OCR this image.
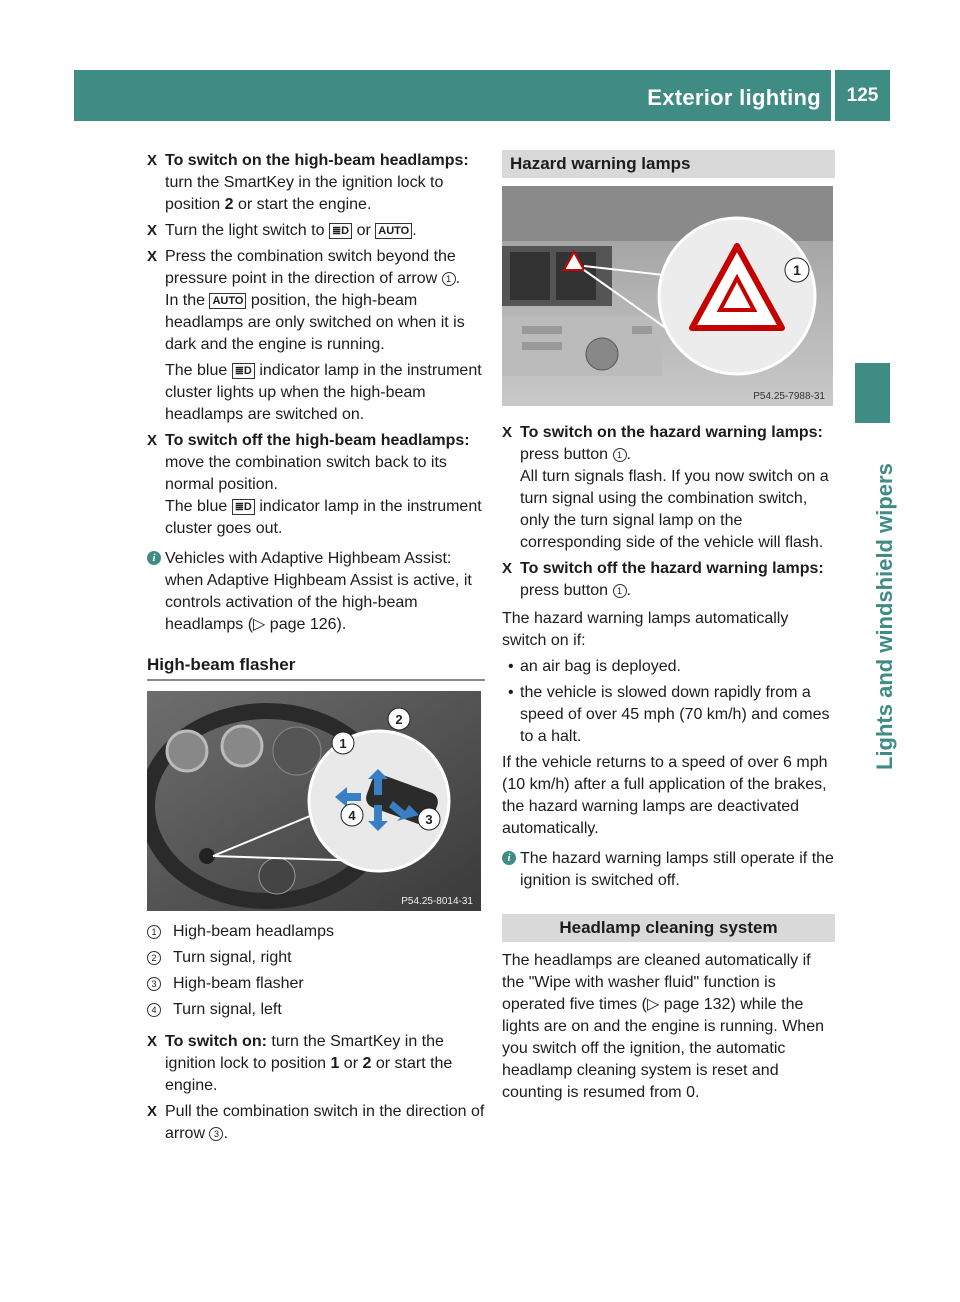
Exterior lighting	125
Lights and windshield wipers
X To switch on the high-beam headlamps: turn the SmartKey in the ignition lock to position 2 or start the engine.
X Turn the light switch to ≣D or AUTO .
X Press the combination switch beyond the pressure point in the direction of arrow 1 .
In the AUTO position, the high-beam headlamps are only switched on when it is dark and the engine is running.
The blue ≣D indicator lamp in the instrument cluster lights up when the high-beam headlamps are switched on.
X To switch off the high-beam headlamps: move the combination switch back to its normal position.
The blue ≣D indicator lamp in the instrument cluster goes out.
i Vehicles with Adaptive Highbeam Assist: when Adaptive Highbeam Assist is active, it controls activation of the high-beam headlamps (▷ page 126).
High-beam flasher
1
2
3
4
P54.25-8014-31
1 High-beam headlamps
2 Turn signal, right
3 High-beam flasher
4 Turn signal, left
X To switch on: turn the SmartKey in the ignition lock to position 1 or 2 or start the engine.
X Pull the combination switch in the direction of arrow 3 .
Hazard warning lamps
1
P54.25-7988-31
X To switch on the hazard warning lamps: press button 1 .
All turn signals flash. If you now switch on a turn signal using the combination switch, only the turn signal lamp on the corresponding side of the vehicle will flash.
X To switch off the hazard warning lamps: press button 1 .

The hazard warning lamps automatically switch on if:

• an air bag is deployed.
• the vehicle is slowed down rapidly from a speed of over 45 mph (70 km/h) and comes to a halt.

If the vehicle returns to a speed of over 6 mph (10 km/h) after a full application of the brakes, the hazard warning lamps are deactivated automatically.

i The hazard warning lamps still operate if the ignition is switched off.
Headlamp cleaning system

The headlamps are cleaned automatically if the "Wipe with washer fluid" function is operated five times (▷ page 132) while the lights are on and the engine is running. When you switch off the ignition, the automatic headlamp cleaning system is reset and counting is resumed from 0.
